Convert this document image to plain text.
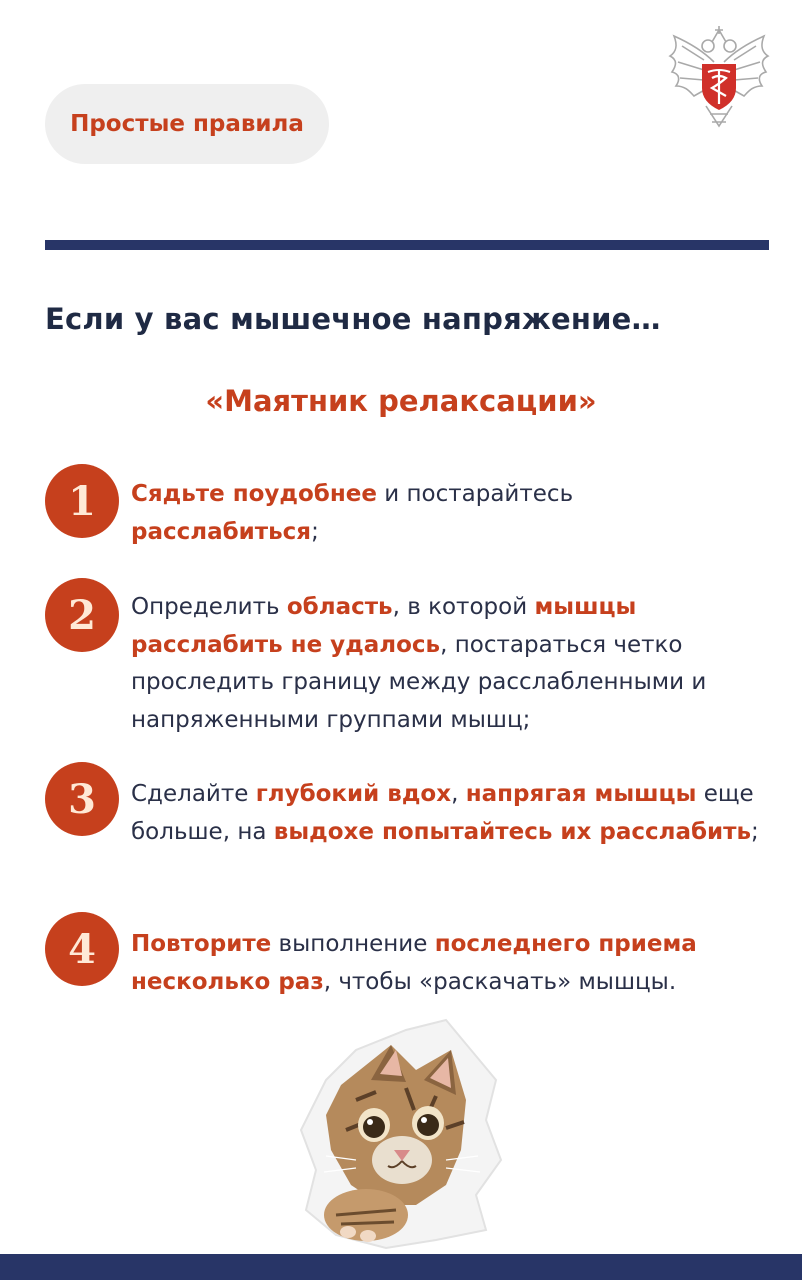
Простые правила
Если у вас мышечное напряжение…
«Маятник релаксации»
1	Сядьте поудобнее и постарайтесь
расслабиться;
2	Определить область, в которой мышцы расслабить не удалось, постараться четко проследить границу между расслабленными и напряженными группами мышц;
3	Сделайте глубокий вдох, напрягая мышцы еще больше, на выдохе попытайтесь их расслабить;
4	Повторите выполнение последнего приема несколько раз, чтобы «раскачать» мышцы.
